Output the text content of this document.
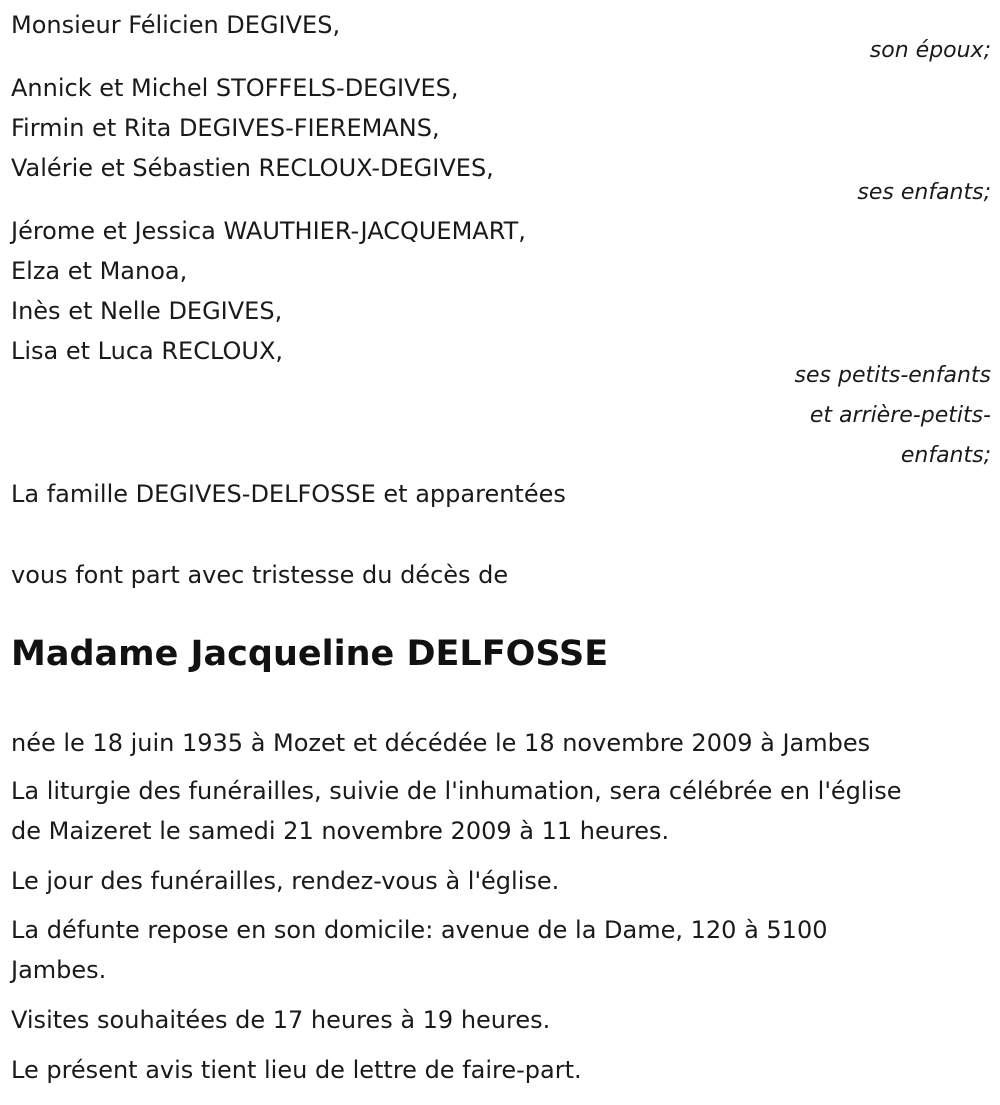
Monsieur Félicien DEGIVES,
son époux;
Annick et Michel STOFFELS-DEGIVES,
Firmin et Rita DEGIVES-FIEREMANS,
Valérie et Sébastien RECLOUX-DEGIVES,
ses enfants;
Jérome et Jessica WAUTHIER-JACQUEMART,
Elza et Manoa,
Inès et Nelle DEGIVES,
Lisa et Luca RECLOUX,
ses petits-enfants
et arrière-petits-
enfants;
La famille DEGIVES-DELFOSSE et apparentées
vous font part avec tristesse du décès de
Madame Jacqueline DELFOSSE
née le 18 juin 1935 à Mozet et décédée le 18 novembre 2009 à Jambes
La liturgie des funérailles, suivie de l'inhumation, sera célébrée en l'église
de Maizeret le samedi 21 novembre 2009 à 11 heures.
Le jour des funérailles, rendez-vous à l'église.
La défunte repose en son domicile: avenue de la Dame, 120 à 5100
Jambes.
Visites souhaitées de 17 heures à 19 heures.
Le présent avis tient lieu de lettre de faire-part.
